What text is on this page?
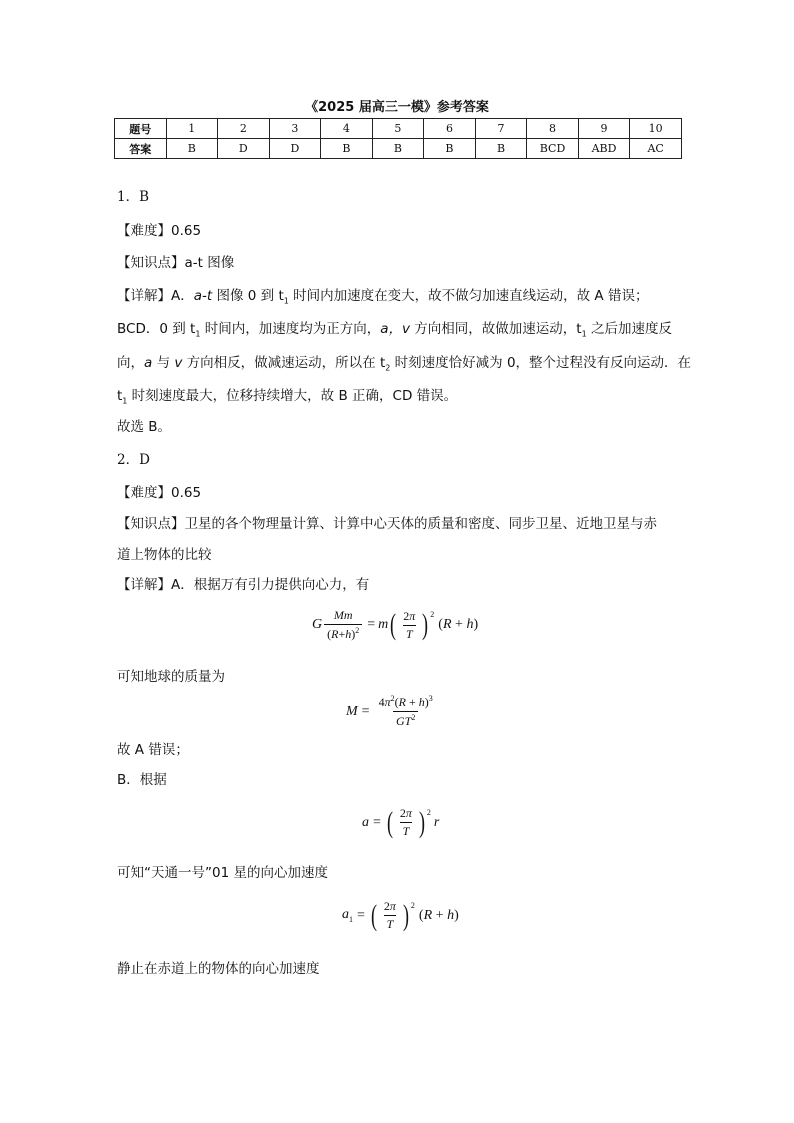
《2025 届高三一模》参考答案
题号	1	2	3	4	5	6	7	8	9	10
答案	B	D	D	B	B	B	B	BCD	ABD	AC
1．B
【难度】0.65
【知识点】a-t 图像
【详解】A．a-t 图像 0 到 $t_1$ 时间内加速度在变大，故不做匀加速直线运动，故 A 错误；
BCD．0 到 $t_1$ 时间内，加速度均为正方向，a，v 方向相同，故做加速运动，$t_1$ 之后加速度反
向，a 与 v 方向相反，做减速运动，所以在 $t_2$ 时刻速度恰好减为 0，整个过程没有反向运动．在
$t_1$ 时刻速度最大，位移持续增大，故 B 正确，CD 错误。
故选 B。
2．D
【难度】0.65
【知识点】卫星的各个物理量计算、计算中心天体的质量和密度、同步卫星、近地卫星与赤
道上物体的比较
【详解】A．根据万有引力提供向心力，有
G $\frac{Mm}{(R+h)^2} = m$ ( $\frac{2\pi}{T}$ ) $^2$
(R + h)
可知地球的质量为
$M = \frac{4\pi^2(R + h)^3}{GT^2}$
故 A 错误；
B．根据
a = ( $\frac{2\pi}{T}$ ) $^2$
r
可知“天通一号”01 星的向心加速度
$a_1$ = ( $\frac{2\pi}{T}$ ) $^2$
(R + h)
静止在赤道上的物体的向心加速度
